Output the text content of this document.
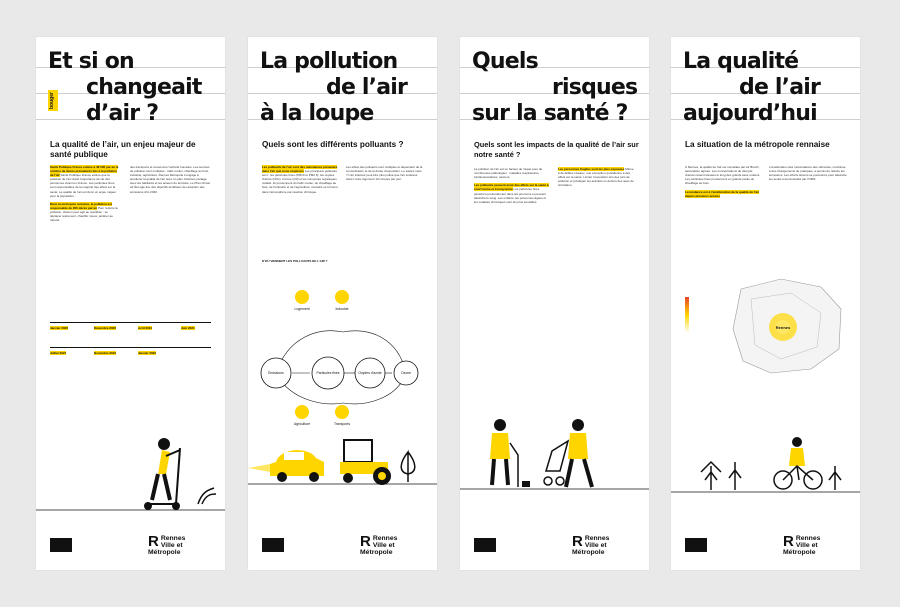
Et si on
changeait
d’air ?
bouger
La qualité de l’air, un enjeu majeur de santé publique
Santé Publique France estime à 48 000 par an le nombre de décès prématurés liés à la pollution de l’air Santé Publique France estime que la pollution de l’air réduit l’espérance de vie des personnes vivant en France. Les particules fines sont responsables de la majorité des effets sur la santé. La qualité de l’air est donc un enjeu majeur pour la population.

Dans la métropole rennaise, la pollution est responsable de 200 décès par an Pour réduire la pollution, chacun peut agir au quotidien : se déplacer autrement, chauffer mieux, jardiner au naturel.
des transports et consomme l’activité humaine. Les sources de pollution sont multiples : trafic routier, chauffage au bois, industrie, agriculture. Rennes Métropole s’engage à améliorer la qualité de l’air avec un plan d’actions partagé avec les habitants et les acteurs du territoire. Le Plan Climat Air Énergie fixe des objectifs ambitieux de réduction des émissions d’ici 2030.
Janvier 2020	Décembre 2020	Avril 2021	Juin 2021
Juillet 2021	Novembre 2021	Janvier 2022
R Rennes
Ville et Métropole
La pollution
de l’air
à la loupe
Quels sont les différents polluants ?
Les polluants de l’air sont des substances présentes dans l’air que nous respirons Les principaux polluants sont : les particules fines (PM10 et PM2,5), les oxydes d’azote (NOx), l’ozone (O3) et les composés organiques volatils. Ils proviennent du trafic routier, du chauffage au bois, de l’industrie et de l’agriculture. Certains se forment dans l’atmosphère par réaction chimique.
Les effets des polluants sont multiples et dépendent de la concentration et de la durée d’exposition. Le saviez-vous ? L’air intérieur peut être plus pollué que l’air extérieur. Aérez votre logement 10 minutes par jour.
D’OÙ VIENNENT LES POLLUANTS DE L’AIR ?
Logement	Industrie
Agriculture	Transports
Émissions	Particules fines	Oxydes d’azote	Ozone
R Rennes
Ville et Métropole
Quels
risques
sur la santé ?
Quels sont les impacts de la qualité de l’air sur notre santé ?
La pollution de l’air est un facteur de risque pour de nombreuses pathologies : maladies respiratoires, cardiovasculaires, cancers.

Les polluants peuvent avoir des effets sur la santé à court terme et à long terme Les particules fines pénètrent profondément dans les poumons et peuvent atteindre le sang. Les enfants, les personnes âgées et les malades chroniques sont les plus sensibles.
Les personnes fragiles sont les plus exposées Même à de faibles niveaux, une exposition quotidienne a des effets sur la santé. Limiter l’exposition lors des pics de pollution et privilégier les activités en dehors des axes de circulation.
R Rennes
Ville et Métropole
La qualité
de l’air
aujourd’hui
La situation de la métropole rennaise
À Rennes, la qualité de l’air est surveillée par Air Breizh, association agréée. Les concentrations de dioxyde d’azote restent élevées le long des grands axes routiers. Les particules fines proviennent en grande partie du chauffage au bois.

La tendance est à l’amélioration de la qualité de l’air depuis plusieurs années
L’amélioration des motorisations des véhicules, combinée à des changements de pratiques, a permis de réduire les émissions. Les efforts doivent se poursuivre pour atteindre les seuils recommandés par l’OMS.
Rennes
R Rennes
Ville et Métropole
